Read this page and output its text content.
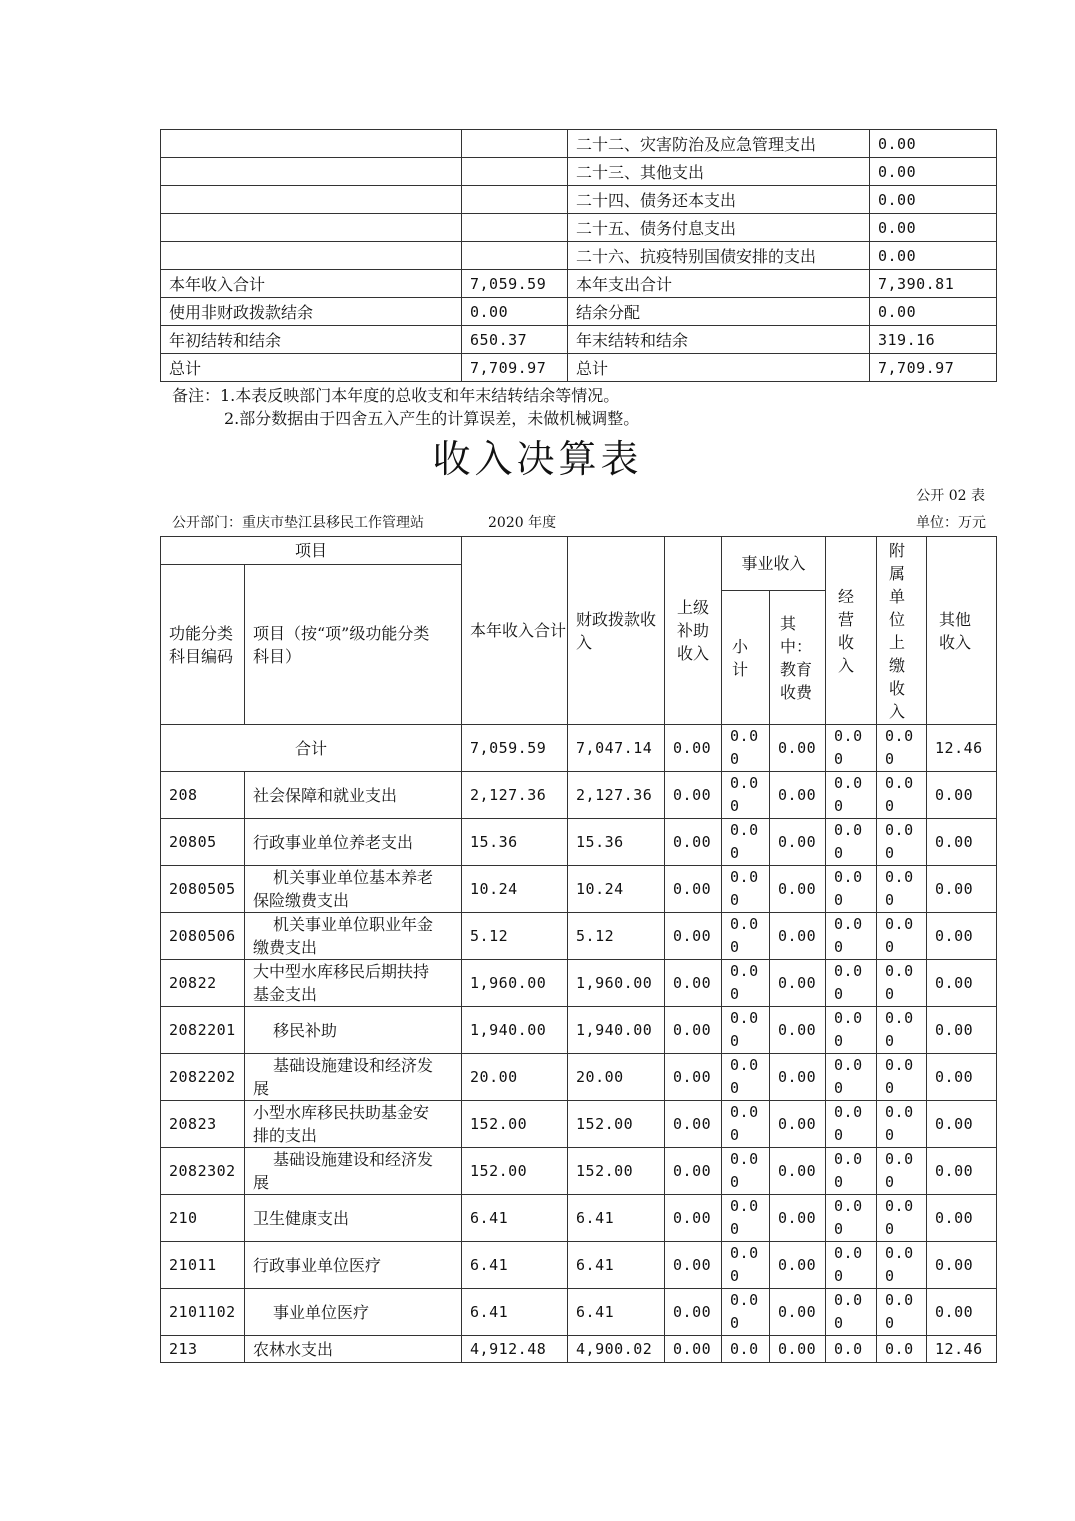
		二十二、灾害防治及应急管理支出	0.00
		二十三、其他支出	0.00
		二十四、债务还本支出	0.00
		二十五、债务付息支出	0.00
		二十六、抗疫特别国债安排的支出	0.00
本年收入合计	7,059.59	本年支出合计	7,390.81
使用非财政拨款结余	0.00	结余分配	0.00
年初结转和结余	650.37	年末结转和结余	319.16
总计	7,709.97	总计	7,709.97
备注：1.本表反映部门本年度的总收支和年末结转结余等情况。
2.部分数据由于四舍五入产生的计算误差，未做机械调整。
收入决算表
公开 02 表
公开部门：重庆市垫江县移民工作管理站	2020 年度	单位：万元
项目		本年收入合计	财政拨款收入	上级补助收入	事业收入		经营收入	附属单位上缴收入	其他收入
功能分类科目编码	项目（按“项”级功能分类科目）								
					小计	其中：教育收费			
合计		7,059.59	7,047.14	0.00	0.00	0.00	0.00	0.00	12.46
208	社会保障和就业支出	2,127.36	2,127.36	0.00	0.00	0.00	0.00	0.00	0.00
20805	行政事业单位养老支出	15.36	15.36	0.00	0.00	0.00	0.00	0.00	0.00
2080505	机关事业单位基本养老保险缴费支出	10.24	10.24	0.00	0.00	0.00	0.00	0.00	0.00
2080506	机关事业单位职业年金缴费支出	5.12	5.12	0.00	0.00	0.00	0.00	0.00	0.00
20822	大中型水库移民后期扶持基金支出	1,960.00	1,960.00	0.00	0.00	0.00	0.00	0.00	0.00
2082201	移民补助	1,940.00	1,940.00	0.00	0.00	0.00	0.00	0.00	0.00
2082202	基础设施建设和经济发展	20.00	20.00	0.00	0.00	0.00	0.00	0.00	0.00
20823	小型水库移民扶助基金安排的支出	152.00	152.00	0.00	0.00	0.00	0.00	0.00	0.00
2082302	基础设施建设和经济发展	152.00	152.00	0.00	0.00	0.00	0.00	0.00	0.00
210	卫生健康支出	6.41	6.41	0.00	0.00	0.00	0.00	0.00	0.00
21011	行政事业单位医疗	6.41	6.41	0.00	0.00	0.00	0.00	0.00	0.00
2101102	事业单位医疗	6.41	6.41	0.00	0.00	0.00	0.00	0.00	0.00
213	农林水支出	4,912.48	4,900.02	0.00	0.0	0.00	0.0	0.0	12.46
